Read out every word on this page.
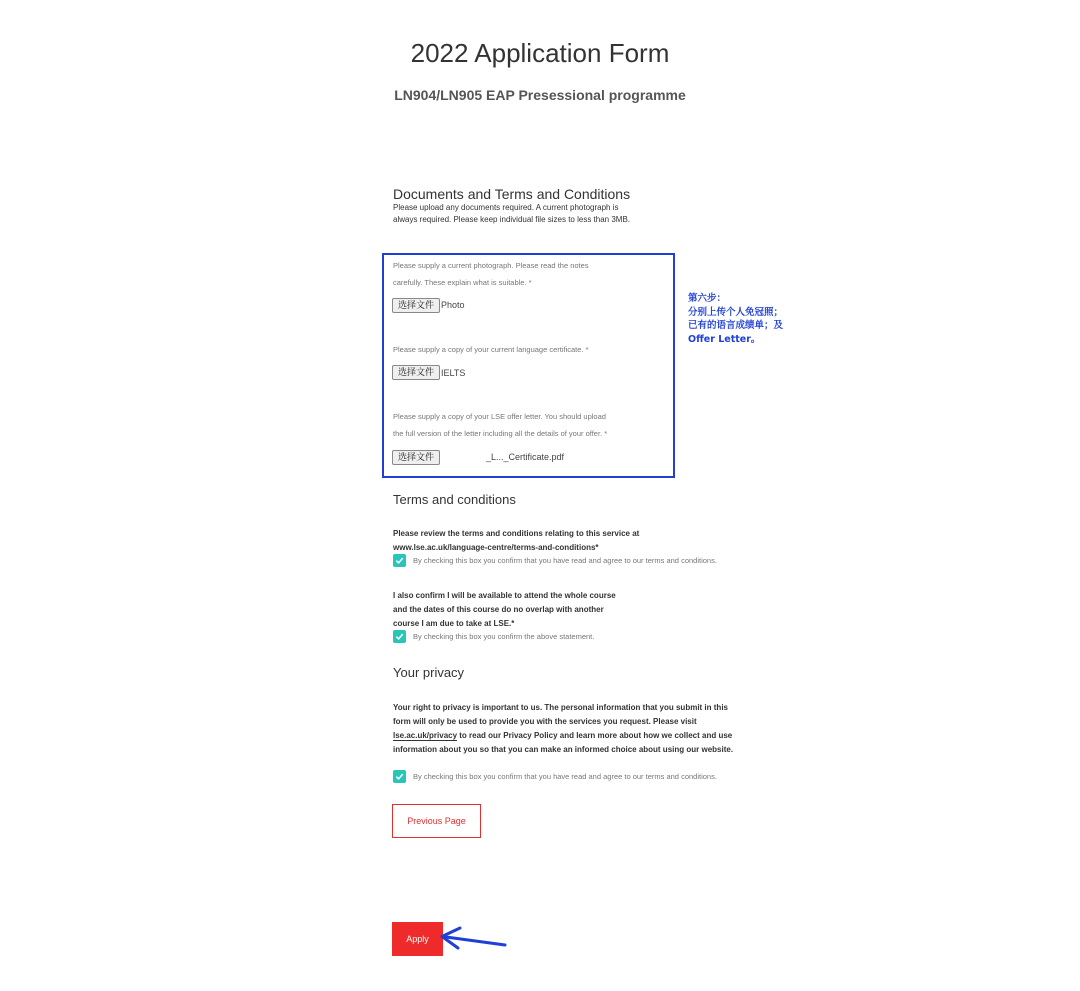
2022 Application Form
LN904/LN905 EAP Presessional programme
Documents and Terms and Conditions
Please upload any documents required. A current photograph is always required. Please keep individual file sizes to less than 3MB.
Please supply a current photograph. Please read the notes
carefully. These explain what is suitable. *
选择文件 Photo
Please supply a copy of your current language certificate. *
选择文件 IELTS
Please supply a copy of your LSE offer letter. You should upload
the full version of the letter including all the details of your offer. *
选择文件	_L..._Certificate.pdf
第六步：
分别上传个人免冠照；
已有的语言成绩单；及
Offer Letter。
Terms and conditions
Please review the terms and conditions relating to this service at
www.lse.ac.uk/language-centre/terms-and-conditions*
By checking this box you confirm that you have read and agree to our terms and conditions.
I also confirm I will be available to attend the whole course
and the dates of this course do no overlap with another
course I am due to take at LSE.*
By checking this box you confirm the above statement.
Your privacy
Your right to privacy is important to us. The personal information that you submit in this form will only be used to provide you with the services you request. Please visit lse.ac.uk/privacy to read our Privacy Policy and learn more about how we collect and use information about you so that you can make an informed choice about using our website.
By checking this box you confirm that you have read and agree to our terms and conditions.
Previous Page
Apply
